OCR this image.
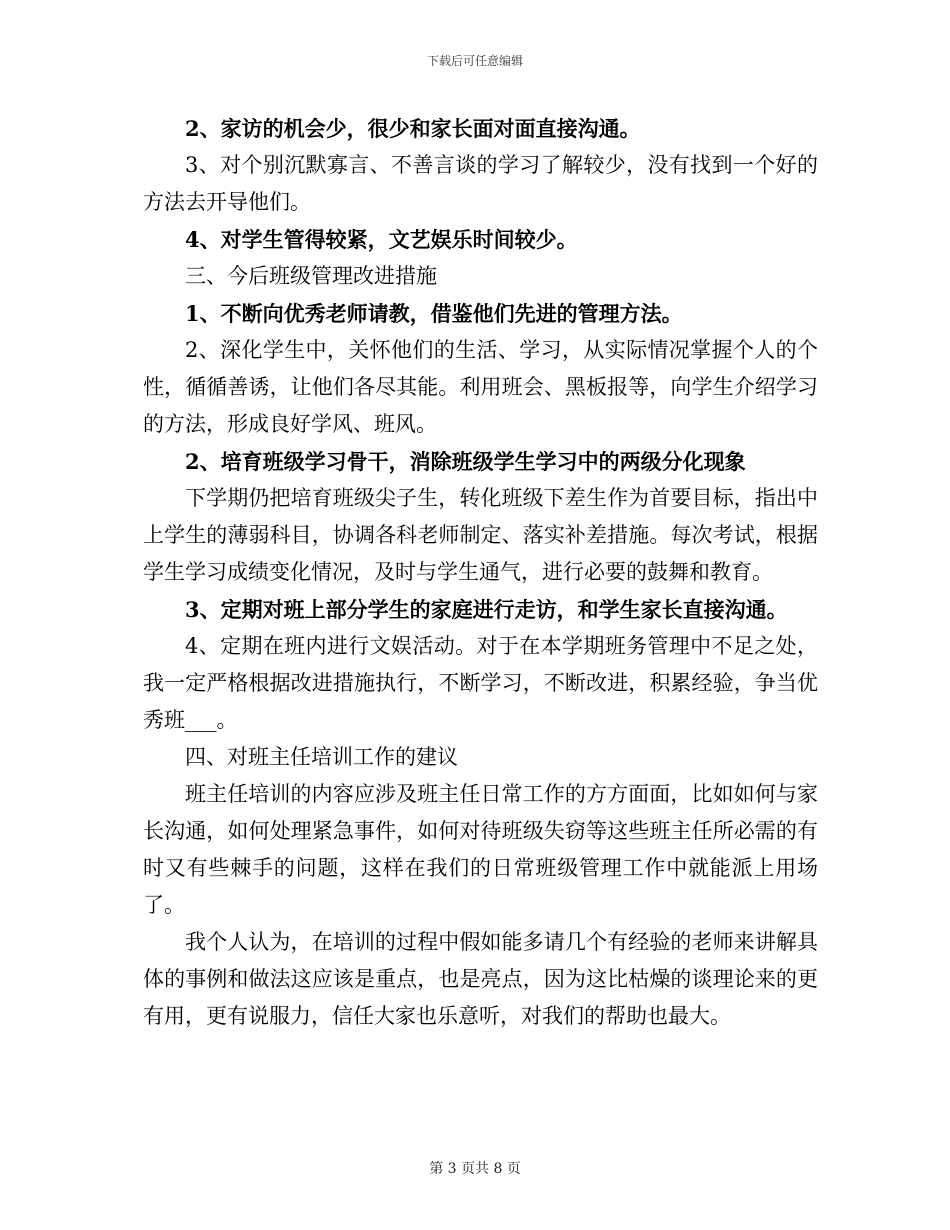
下载后可任意编辑

2、家访的机会少，很少和家长面对面直接沟通。

3、对个别沉默寡言、不善言谈的学习了解较少，没有找到一个好的方法去开导他们。

4、对学生管得较紧，文艺娱乐时间较少。

三、今后班级管理改进措施

1、不断向优秀老师请教，借鉴他们先进的管理方法。

2、深化学生中，关怀他们的生活、学习，从实际情况掌握个人的个性，循循善诱，让他们各尽其能。利用班会、黑板报等，向学生介绍学习的方法，形成良好学风、班风。

2、培育班级学习骨干，消除班级学生学习中的两级分化现象

下学期仍把培育班级尖子生，转化班级下差生作为首要目标，指出中上学生的薄弱科目，协调各科老师制定、落实补差措施。每次考试，根据学生学习成绩变化情况，及时与学生通气，进行必要的鼓舞和教育。

3、定期对班上部分学生的家庭进行走访，和学生家长直接沟通。

4、定期在班内进行文娱活动。对于在本学期班务管理中不足之处，我一定严格根据改进措施执行，不断学习，不断改进，积累经验，争当优秀班___。

四、对班主任培训工作的建议

班主任培训的内容应涉及班主任日常工作的方方面面，比如如何与家长沟通，如何处理紧急事件，如何对待班级失窃等这些班主任所必需的有时又有些棘手的问题，这样在我们的日常班级管理工作中就能派上用场了。

我个人认为，在培训的过程中假如能多请几个有经验的老师来讲解具体的事例和做法这应该是重点，也是亮点，因为这比枯燥的谈理论来的更有用，更有说服力，信任大家也乐意听，对我们的帮助也最大。

第 3 页共 8 页
